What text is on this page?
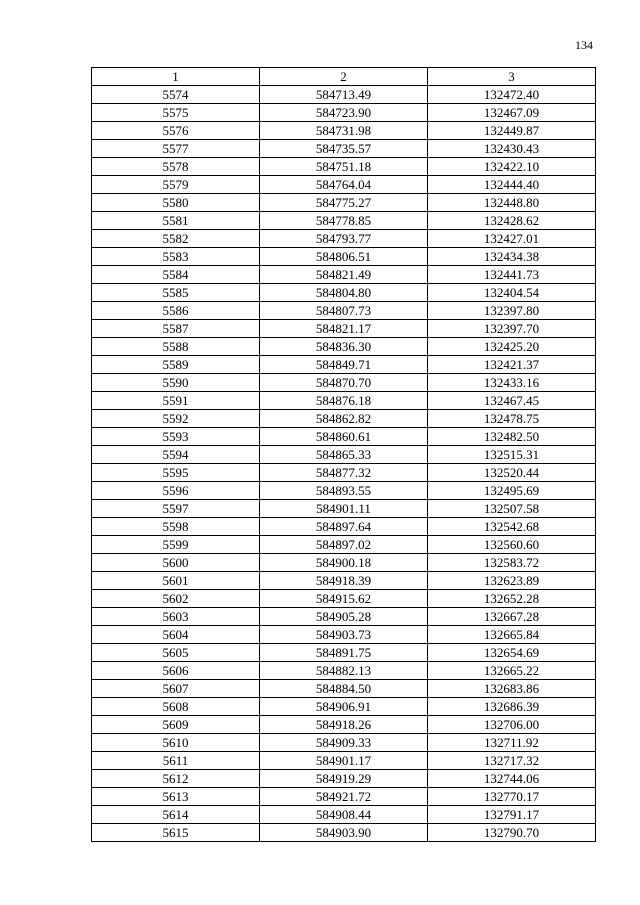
134
1	2	3
5574	584713.49	132472.40
5575	584723.90	132467.09
5576	584731.98	132449.87
5577	584735.57	132430.43
5578	584751.18	132422.10
5579	584764.04	132444.40
5580	584775.27	132448.80
5581	584778.85	132428.62
5582	584793.77	132427.01
5583	584806.51	132434.38
5584	584821.49	132441.73
5585	584804.80	132404.54
5586	584807.73	132397.80
5587	584821.17	132397.70
5588	584836.30	132425.20
5589	584849.71	132421.37
5590	584870.70	132433.16
5591	584876.18	132467.45
5592	584862.82	132478.75
5593	584860.61	132482.50
5594	584865.33	132515.31
5595	584877.32	132520.44
5596	584893.55	132495.69
5597	584901.11	132507.58
5598	584897.64	132542.68
5599	584897.02	132560.60
5600	584900.18	132583.72
5601	584918.39	132623.89
5602	584915.62	132652.28
5603	584905.28	132667.28
5604	584903.73	132665.84
5605	584891.75	132654.69
5606	584882.13	132665.22
5607	584884.50	132683.86
5608	584906.91	132686.39
5609	584918.26	132706.00
5610	584909.33	132711.92
5611	584901.17	132717.32
5612	584919.29	132744.06
5613	584921.72	132770.17
5614	584908.44	132791.17
5615	584903.90	132790.70
